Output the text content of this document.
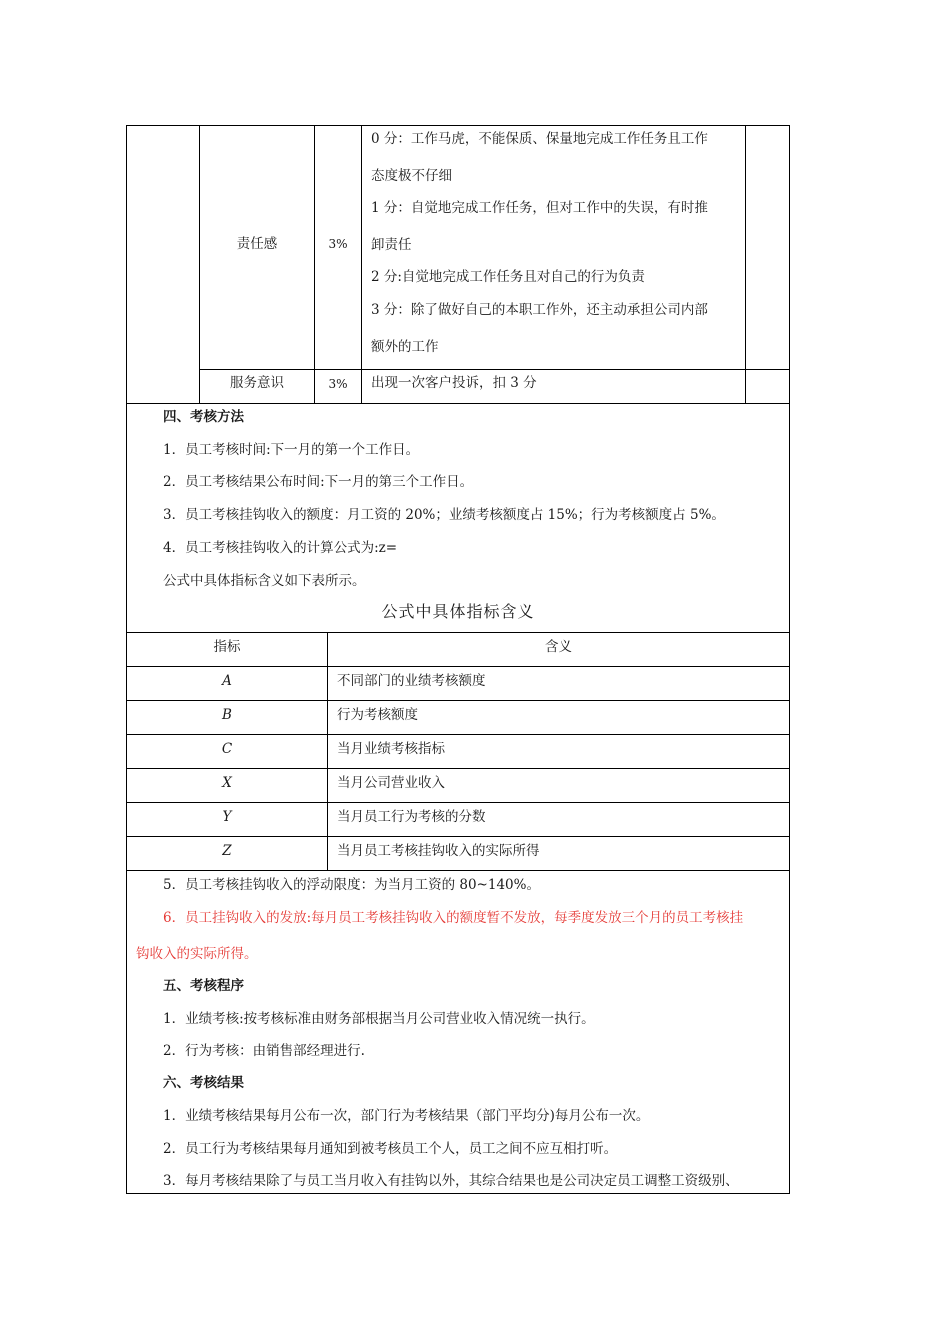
责任感	3%
0 分：工作马虎，不能保质、保量地完成工作任务且工作
态度极不仔细
1 分：自觉地完成工作任务，但对工作中的失误，有时推
卸责任
2 分:自觉地完成工作任务且对自己的行为负责
3 分：除了做好自己的本职工作外，还主动承担公司内部
额外的工作
服务意识	3%	出现一次客户投诉，扣 3 分
四、考核方法
1．员工考核时间:下一月的第一个工作日。
2．员工考核结果公布时间:下一月的第三个工作日。
3．员工考核挂钩收入的额度：月工资的 20%；业绩考核额度占 15%；行为考核额度占 5%。
4．员工考核挂钩收入的计算公式为:z=
公式中具体指标含义如下表所示。
公式中具体指标含义
指标	含义
A	不同部门的业绩考核额度
B	行为考核额度
C	当月业绩考核指标
X	当月公司营业收入
Y	当月员工行为考核的分数
Z	当月员工考核挂钩收入的实际所得
5．员工考核挂钩收入的浮动限度：为当月工资的 80~140%。
6．员工挂钩收入的发放:每月员工考核挂钩收入的额度暂不发放，每季度发放三个月的员工考核挂
钩收入的实际所得。
五、考核程序
1．业绩考核:按考核标准由财务部根据当月公司营业收入情况统一执行。
2．行为考核：由销售部经理进行.
六、考核结果
1．业绩考核结果每月公布一次，部门行为考核结果（部门平均分)每月公布一次。
2．员工行为考核结果每月通知到被考核员工个人，员工之间不应互相打听。
3．每月考核结果除了与员工当月收入有挂钩以外，其综合结果也是公司决定员工调整工资级别、
